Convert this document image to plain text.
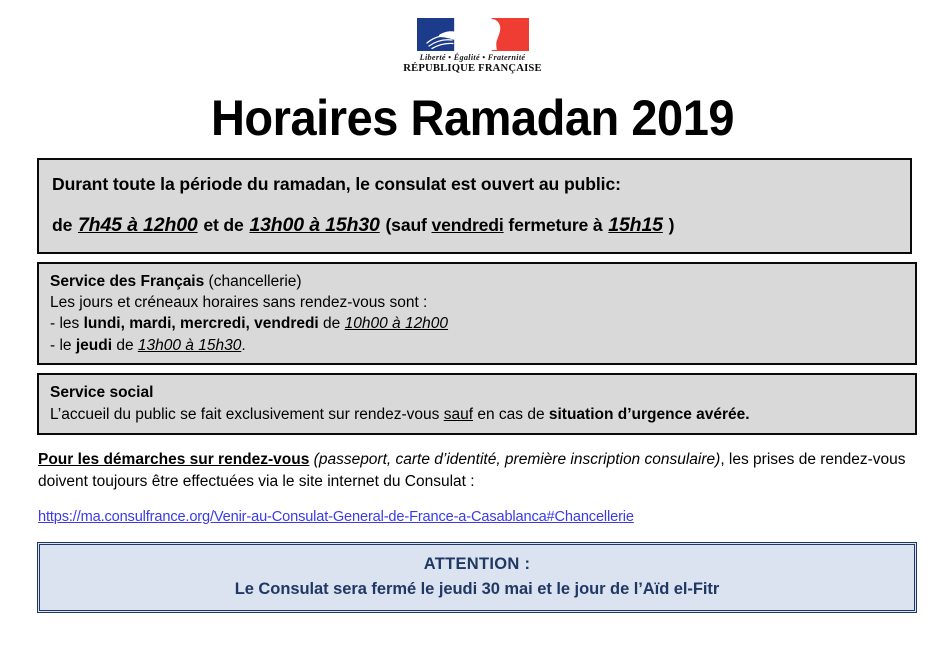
Liberté • Égalité • Fraternité
RÉPUBLIQUE FRANÇAISE
Horaires Ramadan 2019
Durant toute la période du ramadan, le consulat est ouvert au public:
de 7h45 à 12h00 et de 13h00 à 15h30 (sauf vendredi fermeture à 15h15 )
Service des Français (chancellerie)
Les jours et créneaux horaires sans rendez-vous sont :
- les lundi, mardi, mercredi, vendredi de 10h00 à 12h00
- le jeudi de 13h00 à 15h30.
Service social
L’accueil du public se fait exclusivement sur rendez-vous sauf en cas de situation d’urgence avérée.
Pour les démarches sur rendez-vous (passeport, carte d’identité, première inscription consulaire), les prises de rendez-vous doivent toujours être effectuées via le site internet du Consulat :
https://ma.consulfrance.org/Venir-au-Consulat-General-de-France-a-Casablanca#Chancellerie
ATTENTION :
Le Consulat sera fermé le jeudi 30 mai et le jour de l’Aïd el-Fitr
